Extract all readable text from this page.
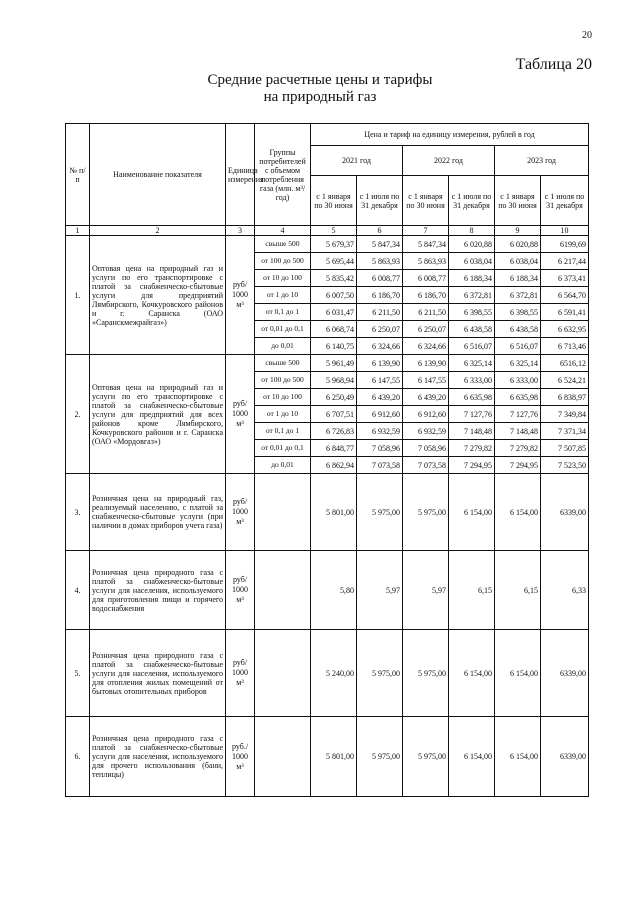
20
Таблица 20
Средние расчетные цены и тарифы
на природный газ
№ п/п	Наименование показателя	Единица измерения	Группы потребителей с объемом потребления газа (млн. м³/год)	Цена и тариф на единицу измерения, рублей в год					
				2021 год		2022 год		2023 год	
				с 1 января по 30 июня	с 1 июля по 31 декабря	с 1 января по 30 июня	с 1 июля по 31 декабря	с 1 января по 30 июня	с 1 июля по 31 декабря
1	2	3	4	5	6	7	8	9	10
1.	Оптовая цена на природный газ и услуги по его транспортировке с платой за снабженческо-сбытовые услуги для предприятий Лямбирского, Кочкуровского районов и г. Саранска (ОАО «Саранскмежрайгаз»)	руб/ 1000 м³	свыше 500	5 679,37	5 847,34	5 847,34	6 020,88	6 020,88	6199,69
			от 100 до 500	5 695,44	5 863,93	5 863,93	6 038,04	6 038,04	6 217,44
			от 10 до 100	5 835,42	6 008,77	6 008,77	6 188,34	6 188,34	6 373,41
			от 1 до 10	6 007,50	6 186,70	6 186,70	6 372,81	6 372,81	6 564,70
			от 0,1 до 1	6 031,47	6 211,50	6 211,50	6 398,55	6 398,55	6 591,41
			от 0,01 до 0,1	6 068,74	6 250,07	6 250,07	6 438,58	6 438,58	6 632,95
			до 0,01	6 140,75	6 324,66	6 324,66	6 516,07	6 516,07	6 713,46
2.	Оптовая цена на природный газ и услуги по его транспортировке с платой за снабженческо-сбытовые услуги для предприятий для всех районов кроме Лямбирского, Кочкуровского районов и г. Саранска (ОАО «Мордовгаз»)	руб/ 1000 м³	свыше 500	5 961,49	6 139,90	6 139,90	6 325,14	6 325,14	6516,12
			от 100 до 500	5 968,94	6 147,55	6 147,55	6 333,00	6 333,00	6 524,21
			от 10 до 100	6 250,49	6 439,20	6 439,20	6 635,98	6 635,98	6 838,97
			от 1 до 10	6 707,51	6 912,60	6 912,60	7 127,76	7 127,76	7 349,84
			от 0,1 до 1	6 726,83	6 932,59	6 932,59	7 148,48	7 148,48	7 371,34
			от 0,01 до 0,1	6 848,77	7 058,96	7 058,96	7 279,82	7 279,82	7 507,85
			до 0,01	6 862,94	7 073,58	7 073,58	7 294,95	7 294,95	7 523,50
3.	Розничная цена на природный газ, реализуемый населению, с платой за снабженческо-сбытовые услуги (при наличии в домах приборов учета газа)	руб/ 1000 м³		5 801,00	5 975,00	5 975,00	6 154,00	6 154,00	6339,00
4.	Розничная цена природного газа с платой за снабженческо-бытовые услуги для населения, используемого для приготовления пищи и горячего водоснабжения	руб/ 1000 м³		5,80	5,97	5,97	6,15	6,15	6,33
5.	Розничная цена природного газа с платой за снабженческо-бытовые услуги для населения, используемого для отопления жилых помещений от бытовых отопительных приборов	руб/ 1000 м³		5 240,00	5 975,00	5 975,00	6 154,00	6 154,00	6339,00
6.	Розничная цена природного газа с платой за снабженческо-сбытовые услуги для населения, используемого для прочего использования (бани, теплицы)	руб./ 1000 м³		5 801,00	5 975,00	5 975,00	6 154,00	6 154,00	6339,00
